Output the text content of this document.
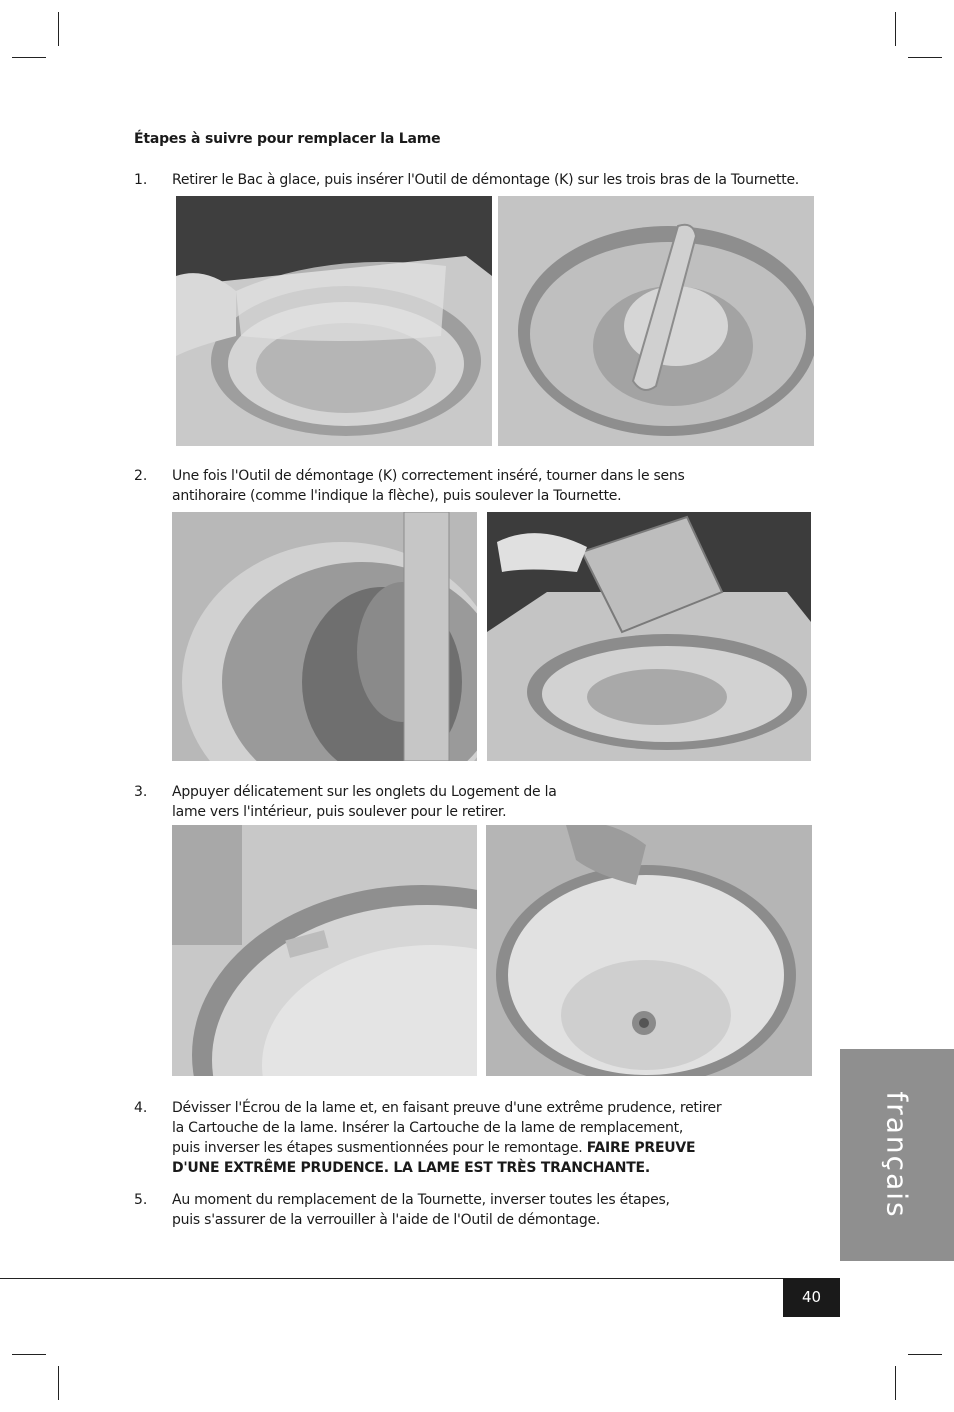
Étapes à suivre pour remplacer la Lame
1. Retirer le Bac à glace, puis insérer l'Outil de démontage (K) sur les trois bras de la Tournette.
2. Une fois l'Outil de démontage (K) correctement inséré, tourner dans le sens
antihoraire (comme l'indique la flèche), puis soulever la Tournette.
3. Appuyer délicatement sur les onglets du Logement de la
lame vers l'intérieur, puis soulever pour le retirer.
4. Dévisser l'Écrou de la lame et, en faisant preuve d'une extrême prudence, retirer
la Cartouche de la lame. Insérer la Cartouche de la lame de remplacement,
puis inverser les étapes susmentionnées pour le remontage. FAIRE PREUVE
D'UNE EXTRÊME PRUDENCE. LA LAME EST TRÈS TRANCHANTE.
5. Au moment du remplacement de la Tournette, inverser toutes les étapes,
puis s'assurer de la verrouiller à l'aide de l'Outil de démontage.
français
40
